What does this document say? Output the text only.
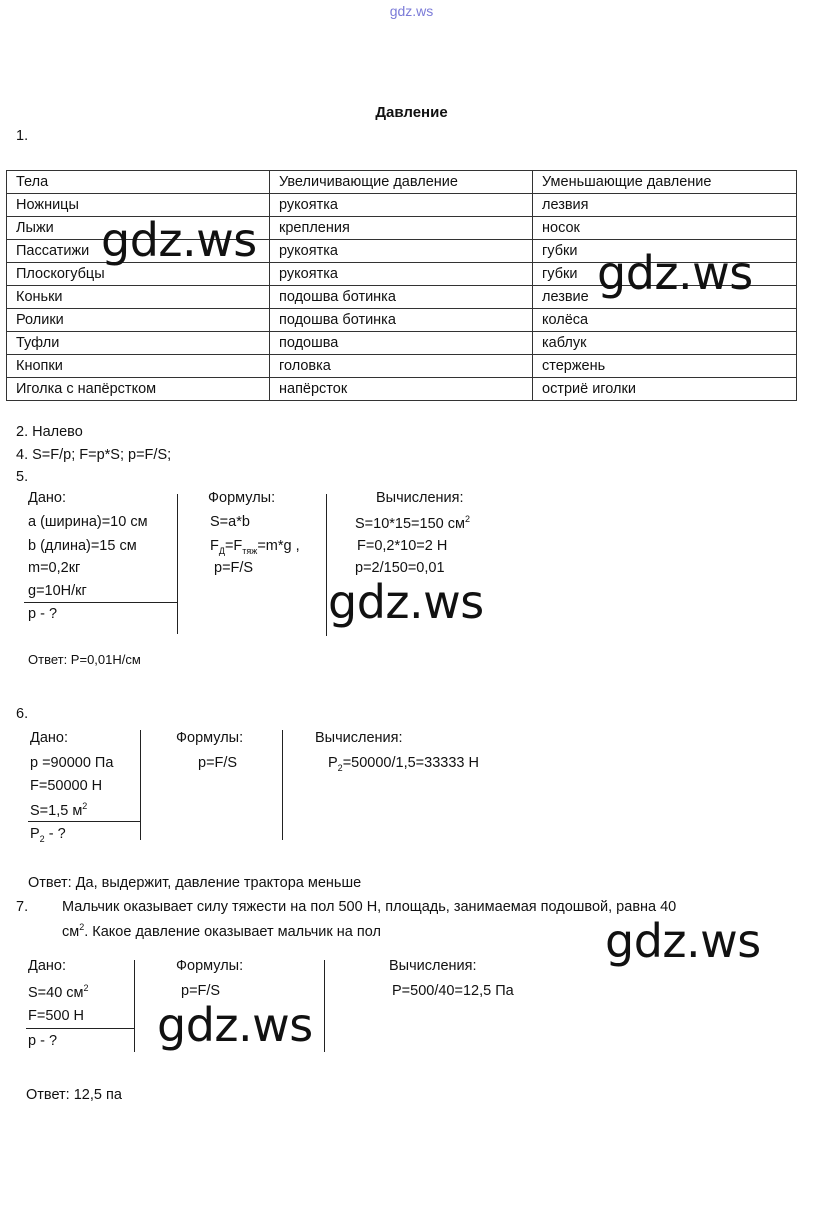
gdz.ws
Давление
1.
Тела	Увеличивающие давление	Уменьшающие давление
Ножницы	рукоятка	лезвия
Лыжи	крепления	носок
Пассатижи	рукоятка	губки
Плоскогубцы	рукоятка	губки
Коньки	подошва ботинка	лезвие
Ролики	подошва ботинка	колёса
Туфли	подошва	каблук
Кнопки	головка	стержень
Иголка с напёрстком	напёрсток	остриё иголки
2. Налево
4. S=F/p; F=p*S; p=F/S;
5.
Дано:
a (ширина)=10 см
b (длина)=15 см
m=0,2кг
g=10Н/кг
p - ?
Формулы:
S=a*b
$F_Д=F_{тяж}=m*g$ ,
p=F/S
Вычисления:
S=10*15=150 $см^2$
F=0,2*10=2 Н
p=2/150=0,01
Ответ: P=0,01Н/см
6.
Дано:
p =90000 Па
F=50000 Н
S=1,5 $м^2$
$P_2$ - ?
Формулы:
p=F/S
Вычисления:
$P_2=50000/1,5=33333$ Н
Ответ: Да, выдержит, давление трактора меньше
7. Мальчик оказывает силу тяжести на пол 500 Н, площадь, занимаемая подошвой, равна 40
$см^2$. Какое давление оказывает мальчик на пол
Дано:
S=40 $см^2$
F=500 Н
p - ?
Формулы:
p=F/S
Вычисления:
P=500/40=12,5 Па
Ответ: 12,5 па
gdz.ws
gdz.ws
gdz.ws
gdz.ws
gdz.ws
